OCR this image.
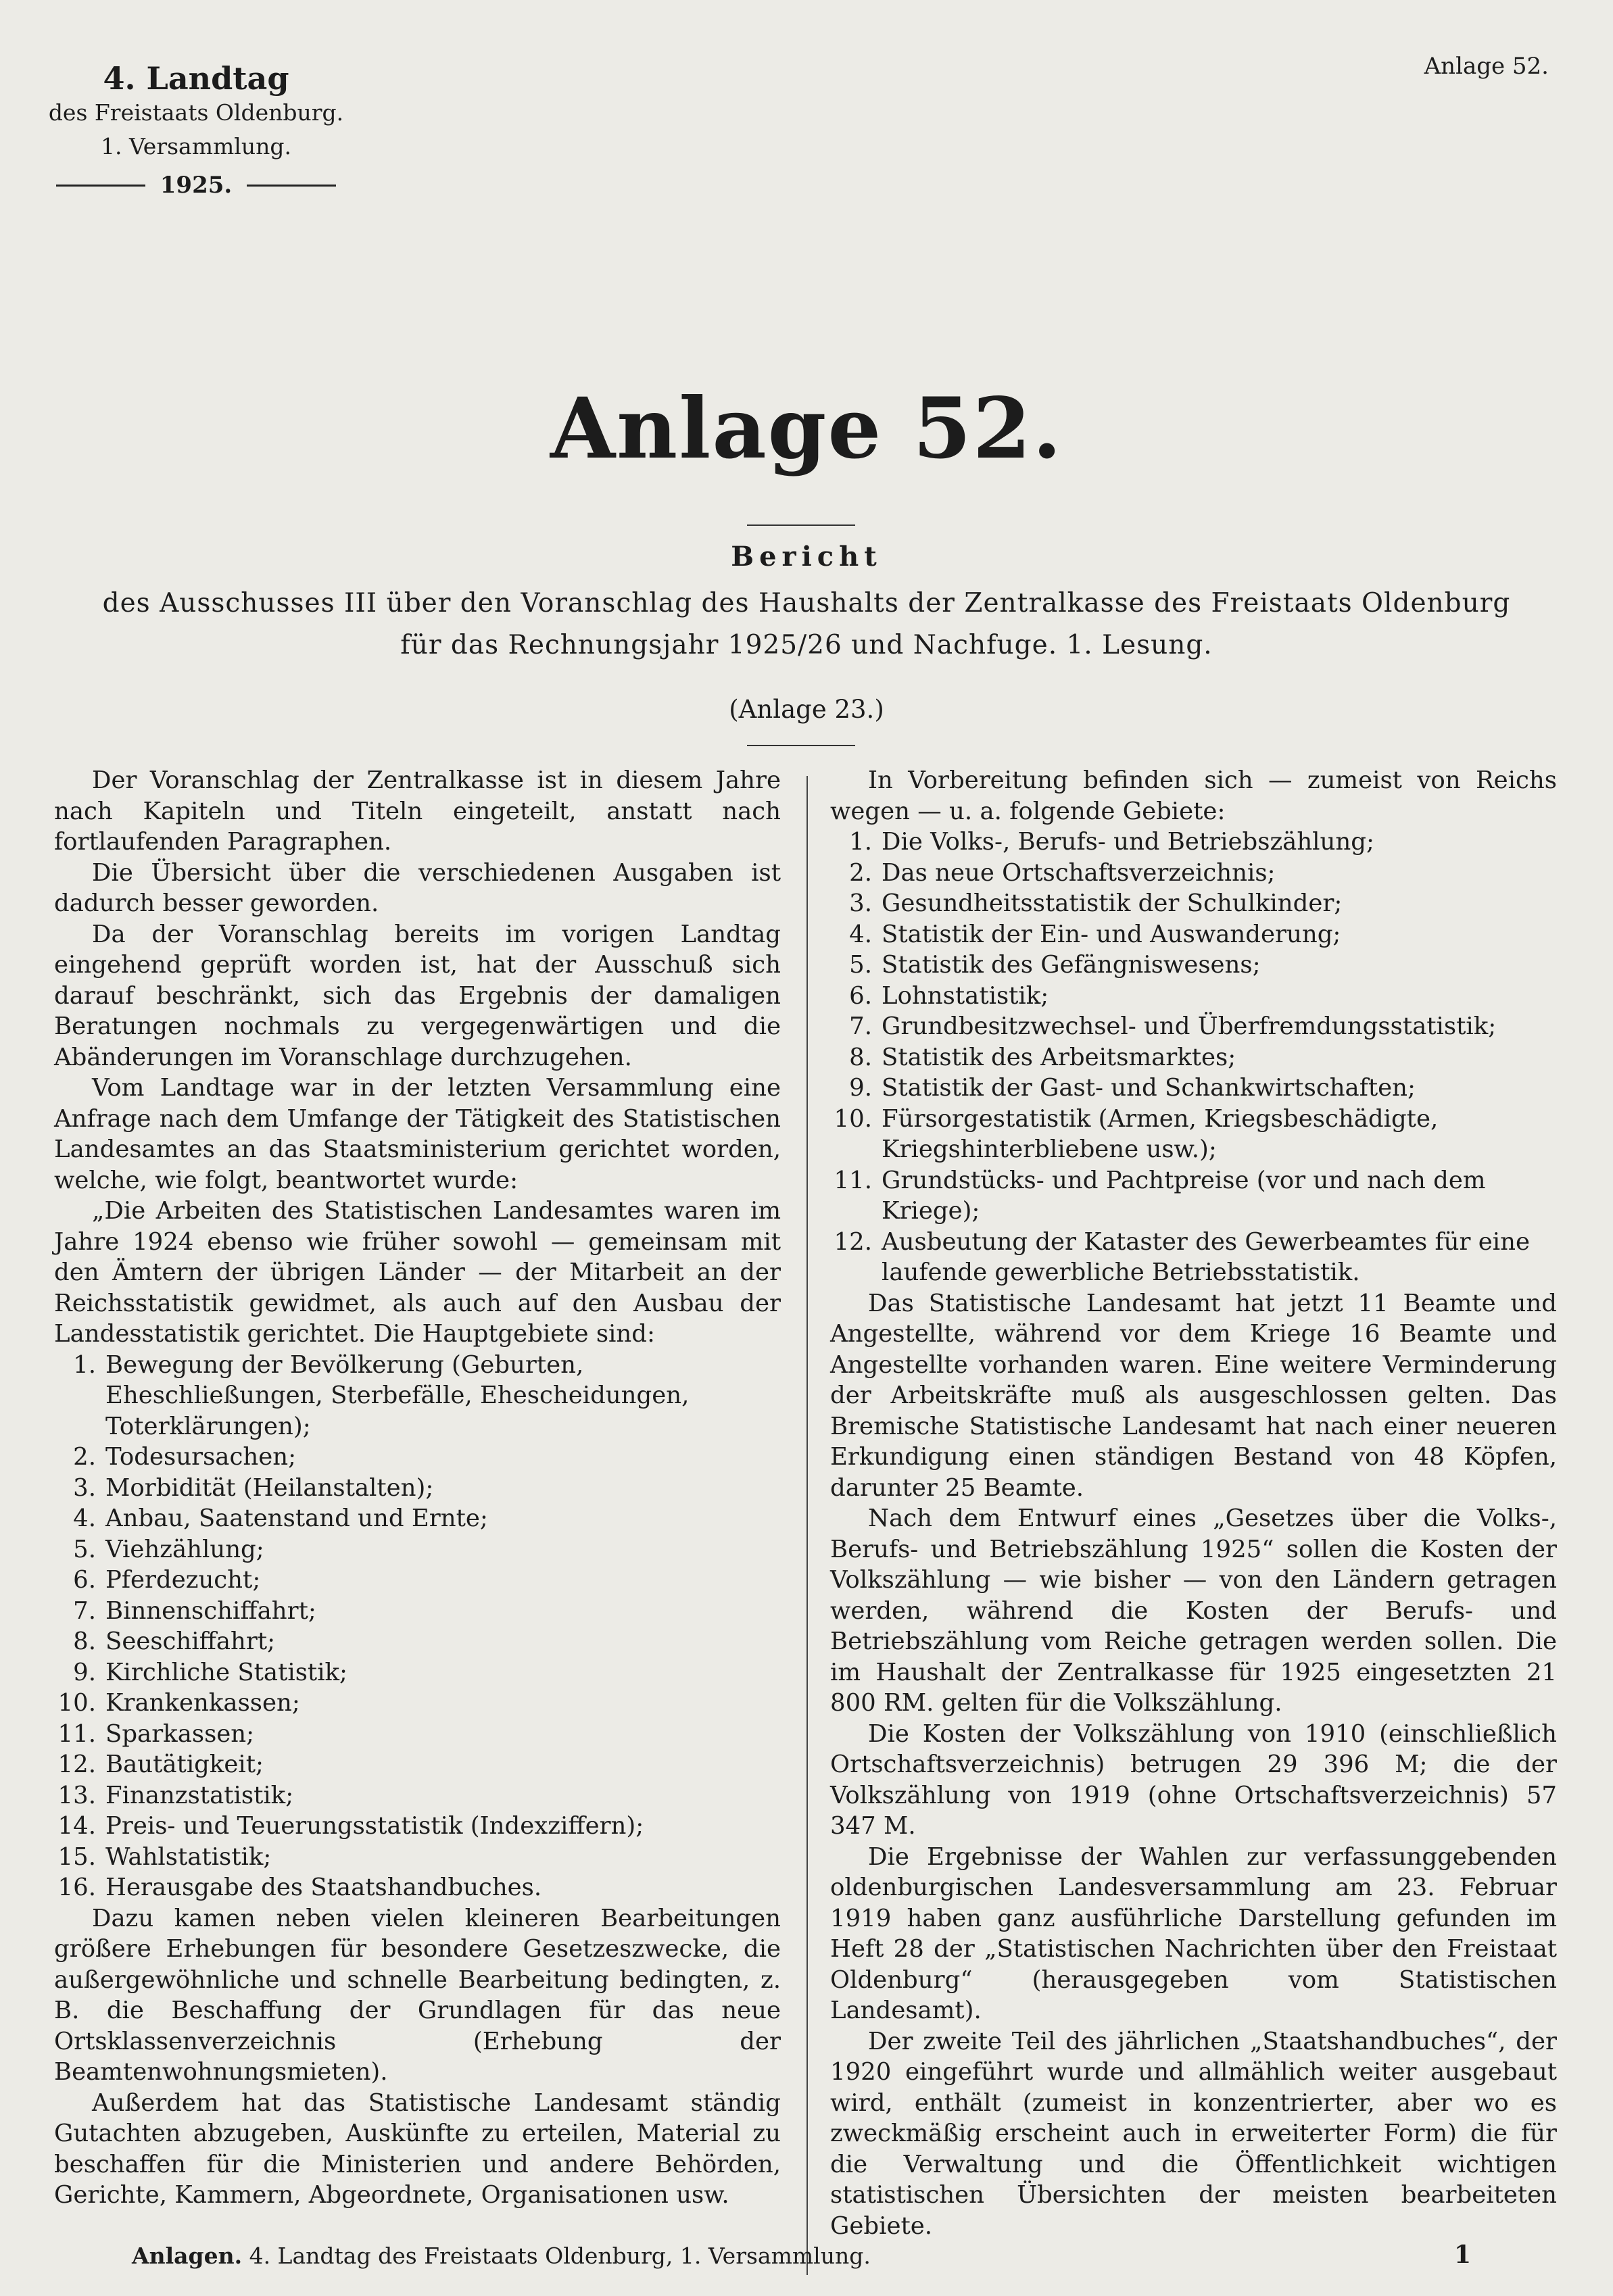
4. Landtag
des Freistaats Oldenburg.
1. Versammlung.
1925.
Anlage 52.
Anlage 52.
Bericht
des Ausschusses III über den Voranschlag des Haushalts der Zentralkasse des Freistaats Oldenburg
für das Rechnungsjahr 1925/26 und Nachfuge. 1. Lesung.
(Anlage 23.)

Der Voranschlag der Zentralkasse ist in diesem Jahre nach Kapiteln und Titeln eingeteilt, anstatt nach fortlaufenden Paragraphen.

Die Übersicht über die verschiedenen Ausgaben ist dadurch besser geworden.

Da der Voranschlag bereits im vorigen Landtag eingehend geprüft worden ist, hat der Ausschuß sich darauf beschränkt, sich das Ergebnis der damaligen Beratungen nochmals zu vergegenwärtigen und die Abänderungen im Voranschlage durchzugehen.

Vom Landtage war in der letzten Versammlung eine Anfrage nach dem Umfange der Tätigkeit des Statistischen Landesamtes an das Staatsministerium gerichtet worden, welche, wie folgt, beantwortet wurde:

„Die Arbeiten des Statistischen Landesamtes waren im Jahre 1924 ebenso wie früher sowohl — gemeinsam mit den Ämtern der übrigen Länder — der Mitarbeit an der Reichsstatistik gewidmet, als auch auf den Ausbau der Landesstatistik gerichtet. Die Hauptgebiete sind:

1. Bewegung der Bevölkerung (Geburten, Eheschließungen, Sterbefälle, Ehescheidungen, Toterklärungen);
2. Todesursachen;
3. Morbidität (Heilanstalten);
4. Anbau, Saatenstand und Ernte;
5. Viehzählung;
6. Pferdezucht;
7. Binnenschiffahrt;
8. Seeschiffahrt;
9. Kirchliche Statistik;
10. Krankenkassen;
11. Sparkassen;
12. Bautätigkeit;
13. Finanzstatistik;
14. Preis- und Teuerungsstatistik (Indexziffern);
15. Wahlstatistik;
16. Herausgabe des Staatshandbuches.

Dazu kamen neben vielen kleineren Bearbeitungen größere Erhebungen für besondere Gesetzeszwecke, die außergewöhnliche und schnelle Bearbeitung bedingten, z. B. die Beschaffung der Grundlagen für das neue Ortsklassenverzeichnis (Erhebung der Beamtenwohnungsmieten).

Außerdem hat das Statistische Landesamt ständig Gutachten abzugeben, Auskünfte zu erteilen, Material zu beschaffen für die Ministerien und andere Behörden, Gerichte, Kammern, Abgeordnete, Organisationen usw.

In Vorbereitung befinden sich — zumeist von Reichs wegen — u. a. folgende Gebiete:

1. Die Volks-, Berufs- und Betriebszählung;
2. Das neue Ortschaftsverzeichnis;
3. Gesundheitsstatistik der Schulkinder;
4. Statistik der Ein- und Auswanderung;
5. Statistik des Gefängniswesens;
6. Lohnstatistik;
7. Grundbesitzwechsel- und Überfremdungsstatistik;
8. Statistik des Arbeitsmarktes;
9. Statistik der Gast- und Schankwirtschaften;
10. Fürsorgestatistik (Armen, Kriegsbeschädigte, Kriegshinterbliebene usw.);
11. Grundstücks- und Pachtpreise (vor und nach dem Kriege);
12. Ausbeutung der Kataster des Gewerbeamtes für eine laufende gewerbliche Betriebsstatistik.

Das Statistische Landesamt hat jetzt 11 Beamte und Angestellte, während vor dem Kriege 16 Beamte und Angestellte vorhanden waren. Eine weitere Verminderung der Arbeitskräfte muß als ausgeschlossen gelten. Das Bremische Statistische Landesamt hat nach einer neueren Erkundigung einen ständigen Bestand von 48 Köpfen, darunter 25 Beamte.

Nach dem Entwurf eines „Gesetzes über die Volks-, Berufs- und Betriebszählung 1925“ sollen die Kosten der Volkszählung — wie bisher — von den Ländern getragen werden, während die Kosten der Berufs- und Betriebszählung vom Reiche getragen werden sollen. Die im Haushalt der Zentralkasse für 1925 eingesetzten 21 800 RM. gelten für die Volkszählung.

Die Kosten der Volkszählung von 1910 (einschließlich Ortschaftsverzeichnis) betrugen 29 396 M; die der Volkszählung von 1919 (ohne Ortschaftsverzeichnis) 57 347 M.

Die Ergebnisse der Wahlen zur verfassunggebenden oldenburgischen Landesversammlung am 23. Februar 1919 haben ganz ausführliche Darstellung gefunden im Heft 28 der „Statistischen Nachrichten über den Freistaat Oldenburg“ (herausgegeben vom Statistischen Landesamt).

Der zweite Teil des jährlichen „Staatshandbuches“, der 1920 eingeführt wurde und allmählich weiter ausgebaut wird, enthält (zumeist in konzentrierter, aber wo es zweckmäßig erscheint auch in erweiterter Form) die für die Verwaltung und die Öffentlichkeit wichtigen statistischen Übersichten der meisten bearbeiteten Gebiete.

Anlagen. 4. Landtag des Freistaats Oldenburg, 1. Versammlung.	1
